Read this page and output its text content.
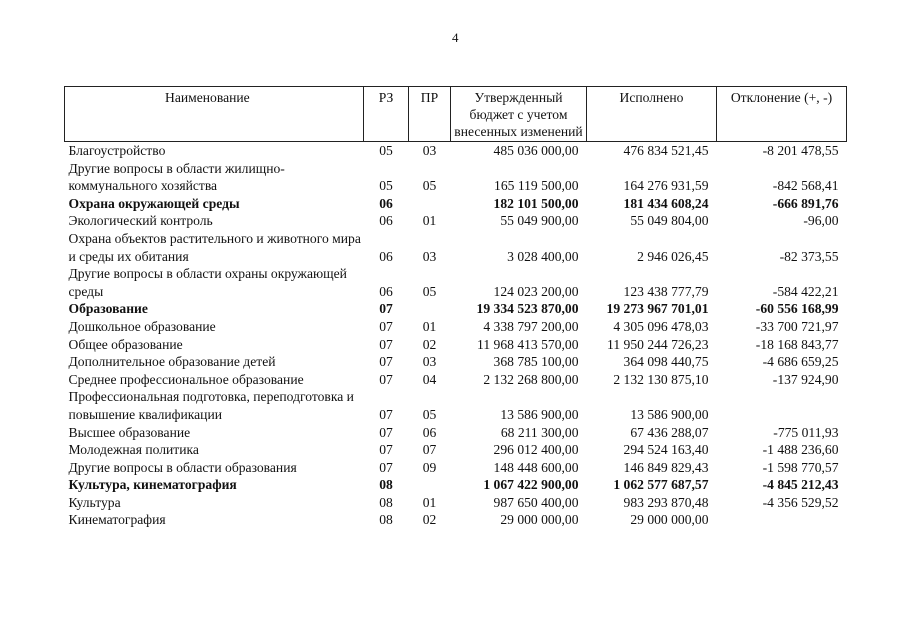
4
Наименование	РЗ	ПР	Утвержденный бюджет с учетом внесенных изменений	Исполнено	Отклонение (+, -)
Благоустройство	05	03	485 036 000,00	476 834 521,45	-8 201 478,55
Другие вопросы в области жилищно-коммунального хозяйства	05	05	165 119 500,00	164 276 931,59	-842 568,41
Охрана окружающей среды	06		182 101 500,00	181 434 608,24	-666 891,76
Экологический контроль	06	01	55 049 900,00	55 049 804,00	-96,00
Охрана объектов растительного и животного мира и среды их обитания	06	03	3 028 400,00	2 946 026,45	-82 373,55
Другие вопросы в области охраны окружающей среды	06	05	124 023 200,00	123 438 777,79	-584 422,21
Образование	07		19 334 523 870,00	19 273 967 701,01	-60 556 168,99
Дошкольное образование	07	01	4 338 797 200,00	4 305 096 478,03	-33 700 721,97
Общее образование	07	02	11 968 413 570,00	11 950 244 726,23	-18 168 843,77
Дополнительное образование детей	07	03	368 785 100,00	364 098 440,75	-4 686 659,25
Среднее профессиональное образование	07	04	2 132 268 800,00	2 132 130 875,10	-137 924,90
Профессиональная подготовка, переподготовка и повышение квалификации	07	05	13 586 900,00	13 586 900,00	
Высшее образование	07	06	68 211 300,00	67 436 288,07	-775 011,93
Молодежная политика	07	07	296 012 400,00	294 524 163,40	-1 488 236,60
Другие вопросы в области образования	07	09	148 448 600,00	146 849 829,43	-1 598 770,57
Культура, кинематография	08		1 067 422 900,00	1 062 577 687,57	-4 845 212,43
Культура	08	01	987 650 400,00	983 293 870,48	-4 356 529,52
Кинематография	08	02	29 000 000,00	29 000 000,00	
